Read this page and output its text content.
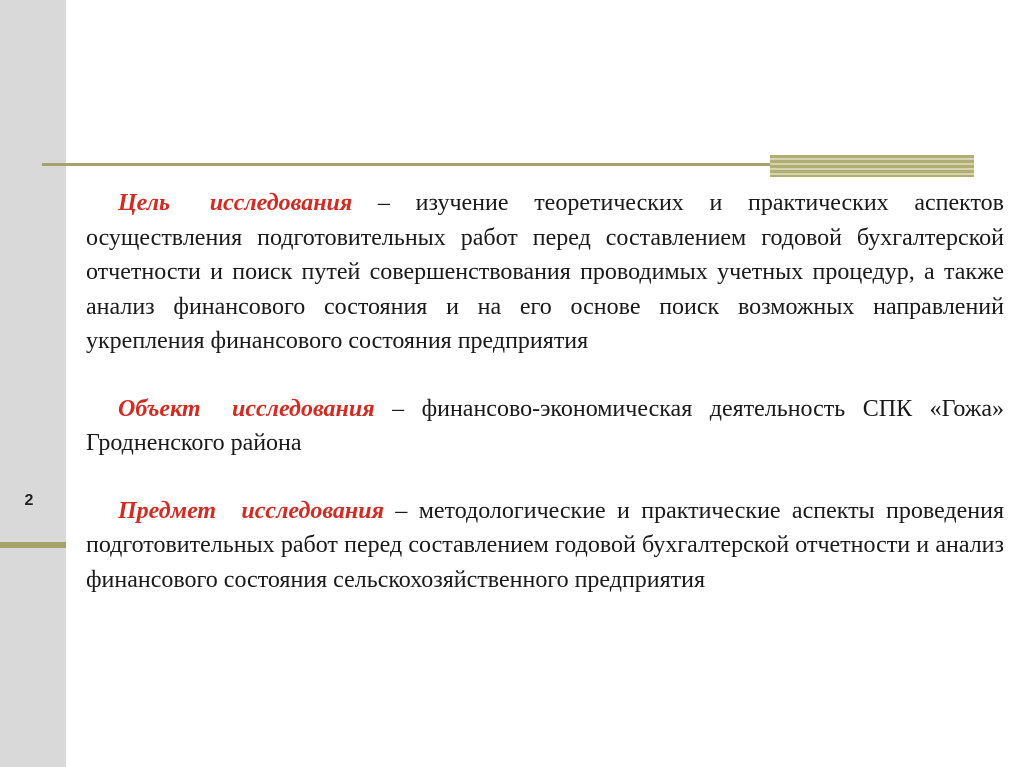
2

Цель исследования – изучение теоретических и практических аспектов осуществления подготовительных работ перед составлением годовой бухгалтерской отчетности и поиск путей совершенствования проводимых учетных процедур, а также анализ финансового состояния и на его основе поиск возможных направлений укрепления финансового состояния предприятия

Объект исследования – финансово-экономическая деятельность СПК «Гожа» Гродненского района

Предмет исследования – методологические и практические аспекты проведения подготовительных работ перед составлением годовой бухгалтерской отчетности и анализ финансового состояния сельскохозяйственного предприятия
